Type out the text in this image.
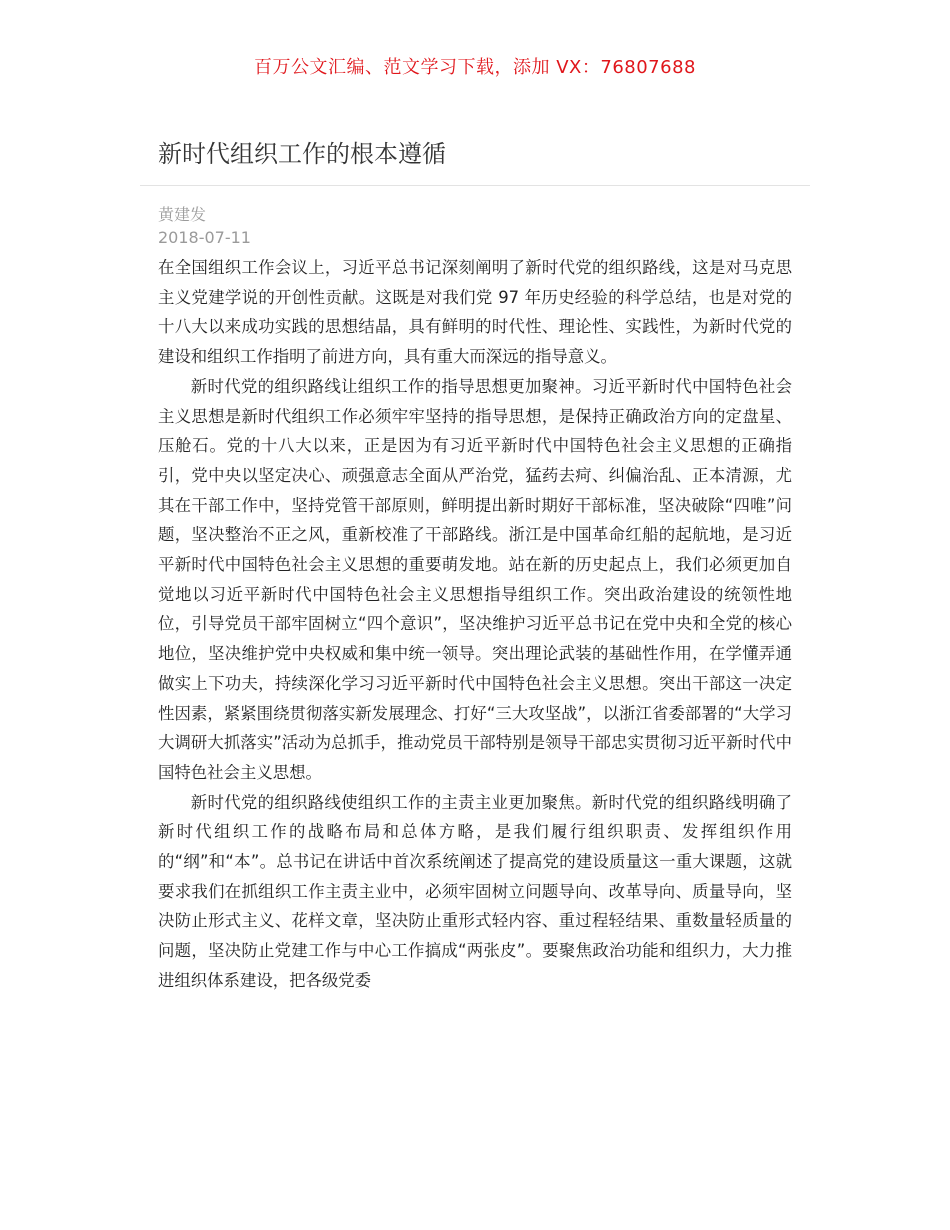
百万公文汇编、范文学习下载，添加 VX：76807688
新时代组织工作的根本遵循
黄建发
2018-07-11

在全国组织工作会议上，习近平总书记深刻阐明了新时代党的组织路线，这是对马克思主义党建学说的开创性贡献。这既是对我们党 97 年历史经验的科学总结，也是对党的十八大以来成功实践的思想结晶，具有鲜明的时代性、理论性、实践性，为新时代党的建设和组织工作指明了前进方向，具有重大而深远的指导意义。

新时代党的组织路线让组织工作的指导思想更加聚神。习近平新时代中国特色社会主义思想是新时代组织工作必须牢牢坚持的指导思想，是保持正确政治方向的定盘星、压舱石。党的十八大以来，正是因为有习近平新时代中国特色社会主义思想的正确指引，党中央以坚定决心、顽强意志全面从严治党，猛药去疴、纠偏治乱、正本清源，尤其在干部工作中，坚持党管干部原则，鲜明提出新时期好干部标准，坚决破除“四唯”问题，坚决整治不正之风，重新校准了干部路线。浙江是中国革命红船的起航地，是习近平新时代中国特色社会主义思想的重要萌发地。站在新的历史起点上，我们必须更加自觉地以习近平新时代中国特色社会主义思想指导组织工作。突出政治建设的统领性地位，引导党员干部牢固树立“四个意识”，坚决维护习近平总书记在党中央和全党的核心地位，坚决维护党中央权威和集中统一领导。突出理论武装的基础性作用，在学懂弄通做实上下功夫，持续深化学习习近平新时代中国特色社会主义思想。突出干部这一决定性因素，紧紧围绕贯彻落实新发展理念、打好“三大攻坚战”，以浙江省委部署的“大学习大调研大抓落实”活动为总抓手，推动党员干部特别是领导干部忠实贯彻习近平新时代中国特色社会主义思想。

新时代党的组织路线使组织工作的主责主业更加聚焦。新时代党的组织路线明确了新时代组织工作的战略布局和总体方略，是我们履行组织职责、发挥组织作用的“纲”和“本”。总书记在讲话中首次系统阐述了提高党的建设质量这一重大课题，这就要求我们在抓组织工作主责主业中，必须牢固树立问题导向、改革导向、质量导向，坚决防止形式主义、花样文章，坚决防止重形式轻内容、重过程轻结果、重数量轻质量的问题，坚决防止党建工作与中心工作搞成“两张皮”。要聚焦政治功能和组织力，大力推进组织体系建设，把各级党委
